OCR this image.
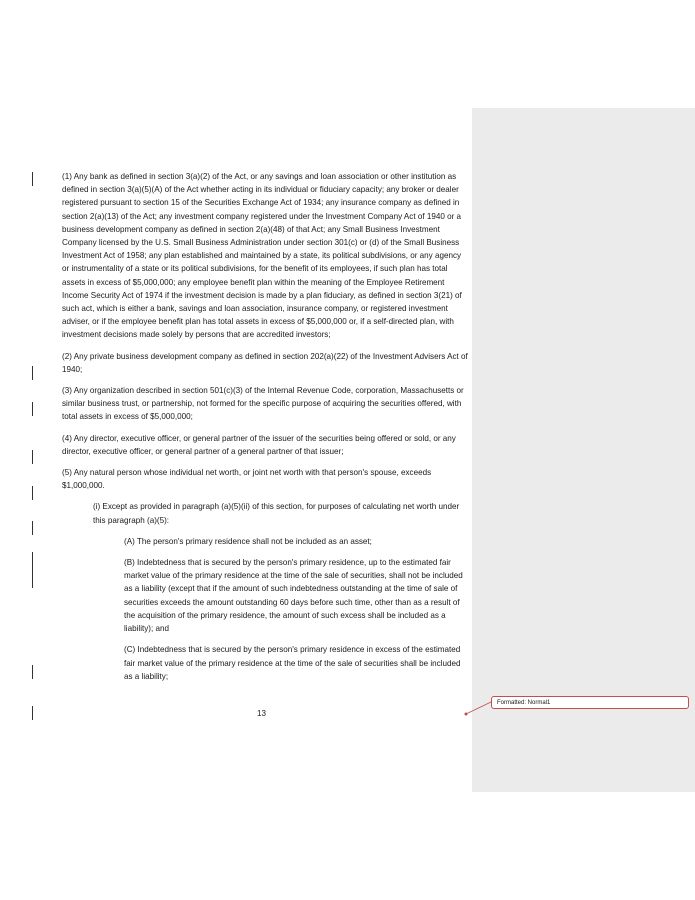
(1) Any bank as defined in section 3(a)(2) of the Act, or any savings and loan association or other institution as defined in section 3(a)(5)(A) of the Act whether acting in its individual or fiduciary capacity; any broker or dealer registered pursuant to section 15 of the Securities Exchange Act of 1934; any insurance company as defined in section 2(a)(13) of the Act; any investment company registered under the Investment Company Act of 1940 or a business development company as defined in section 2(a)(48) of that Act; any Small Business Investment Company licensed by the U.S. Small Business Administration under section 301(c) or (d) of the Small Business Investment Act of 1958; any plan established and maintained by a state, its political subdivisions, or any agency or instrumentality of a state or its political subdivisions, for the benefit of its employees, if such plan has total assets in excess of $5,000,000; any employee benefit plan within the meaning of the Employee Retirement Income Security Act of 1974 if the investment decision is made by a plan fiduciary, as defined in section 3(21) of such act, which is either a bank, savings and loan association, insurance company, or registered investment adviser, or if the employee benefit plan has total assets in excess of $5,000,000 or, if a self-directed plan, with investment decisions made solely by persons that are accredited investors;

(2) Any private business development company as defined in section 202(a)(22) of the Investment Advisers Act of 1940;

(3) Any organization described in section 501(c)(3) of the Internal Revenue Code, corporation, Massachusetts or similar business trust, or partnership, not formed for the specific purpose of acquiring the securities offered, with total assets in excess of $5,000,000;

(4) Any director, executive officer, or general partner of the issuer of the securities being offered or sold, or any director, executive officer, or general partner of a general partner of that issuer;

(5) Any natural person whose individual net worth, or joint net worth with that person's spouse, exceeds $1,000,000.

(i) Except as provided in paragraph (a)(5)(ii) of this section, for purposes of calculating net worth under this paragraph (a)(5):

(A) The person's primary residence shall not be included as an asset;

(B) Indebtedness that is secured by the person's primary residence, up to the estimated fair market value of the primary residence at the time of the sale of securities, shall not be included as a liability (except that if the amount of such indebtedness outstanding at the time of sale of securities exceeds the amount outstanding 60 days before such time, other than as a result of the acquisition of the primary residence, the amount of such excess shall be included as a liability); and

(C) Indebtedness that is secured by the person's primary residence in excess of the estimated fair market value of the primary residence at the time of the sale of securities shall be included as a liability;

13
Formatted: Normal1
